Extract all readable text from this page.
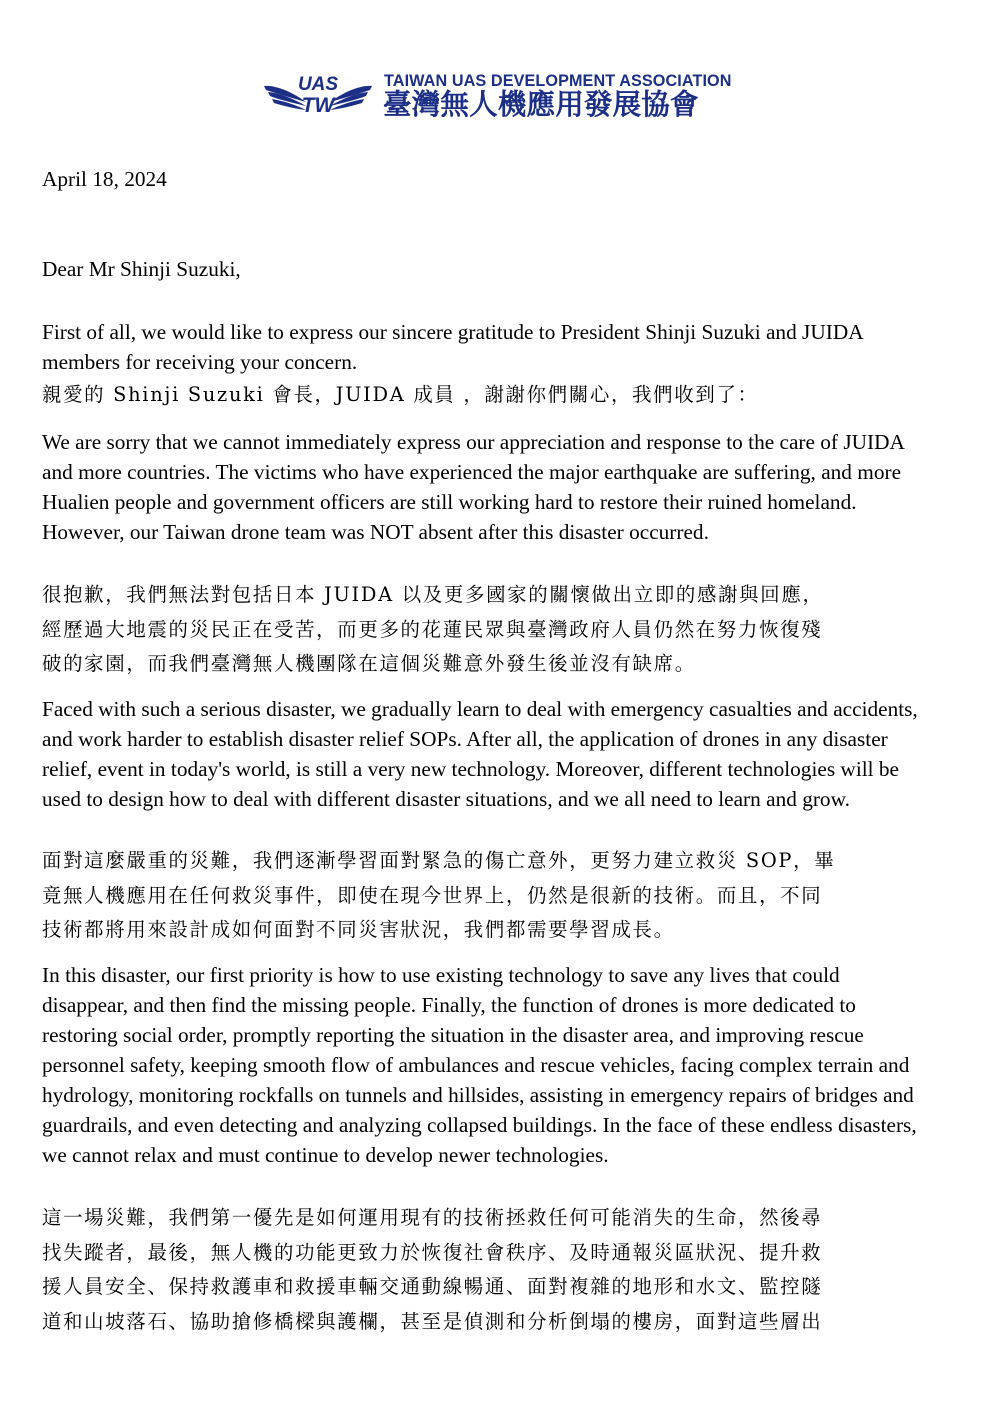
UAS
TW
TAIWAN UAS DEVELOPMENT ASSOCIATION
臺灣無人機應用發展協會

April 18, 2024

Dear Mr Shinji Suzuki,

First of all, we would like to express our sincere gratitude to President Shinji Suzuki and JUIDA members for receiving your concern.

親愛的 Shinji Suzuki 會長，JUIDA 成員 ，謝謝你們關心，我們收到了：

We are sorry that we cannot immediately express our appreciation and response to the care of JUIDA and more countries. The victims who have experienced the major earthquake are suffering, and more Hualien people and government officers are still working hard to restore their ruined homeland. However, our Taiwan drone team was NOT absent after this disaster occurred.

很抱歉，我們無法對包括日本 JUIDA 以及更多國家的關懷做出立即的感謝與回應，
經歷過大地震的災民正在受苦，而更多的花蓮民眾與臺灣政府人員仍然在努力恢復殘
破的家園，而我們臺灣無人機團隊在這個災難意外發生後並沒有缺席。

Faced with such a serious disaster, we gradually learn to deal with emergency casualties and accidents, and work harder to establish disaster relief SOPs. After all, the application of drones in any disaster relief, event in today's world, is still a very new technology. Moreover, different technologies will be used to design how to deal with different disaster situations, and we all need to learn and grow.

面對這麼嚴重的災難，我們逐漸學習面對緊急的傷亡意外，更努力建立救災 SOP，畢
竟無人機應用在任何救災事件，即使在現今世界上，仍然是很新的技術。而且，不同
技術都將用來設計成如何面對不同災害狀況，我們都需要學習成長。

In this disaster, our first priority is how to use existing technology to save any lives that could disappear, and then find the missing people. Finally, the function of drones is more dedicated to restoring social order, promptly reporting the situation in the disaster area, and improving rescue personnel safety, keeping smooth flow of ambulances and rescue vehicles, facing complex terrain and hydrology, monitoring rockfalls on tunnels and hillsides, assisting in emergency repairs of bridges and guardrails, and even detecting and analyzing collapsed buildings. In the face of these endless disasters, we cannot relax and must continue to develop newer technologies.

這一場災難，我們第一優先是如何運用現有的技術拯救任何可能消失的生命，然後尋
找失蹤者，最後，無人機的功能更致力於恢復社會秩序、及時通報災區狀況、提升救
援人員安全、保持救護車和救援車輛交通動線暢通、面對複雜的地形和水文、監控隧
道和山坡落石、協助搶修橋樑與護欄，甚至是偵測和分析倒塌的樓房，面對這些層出
